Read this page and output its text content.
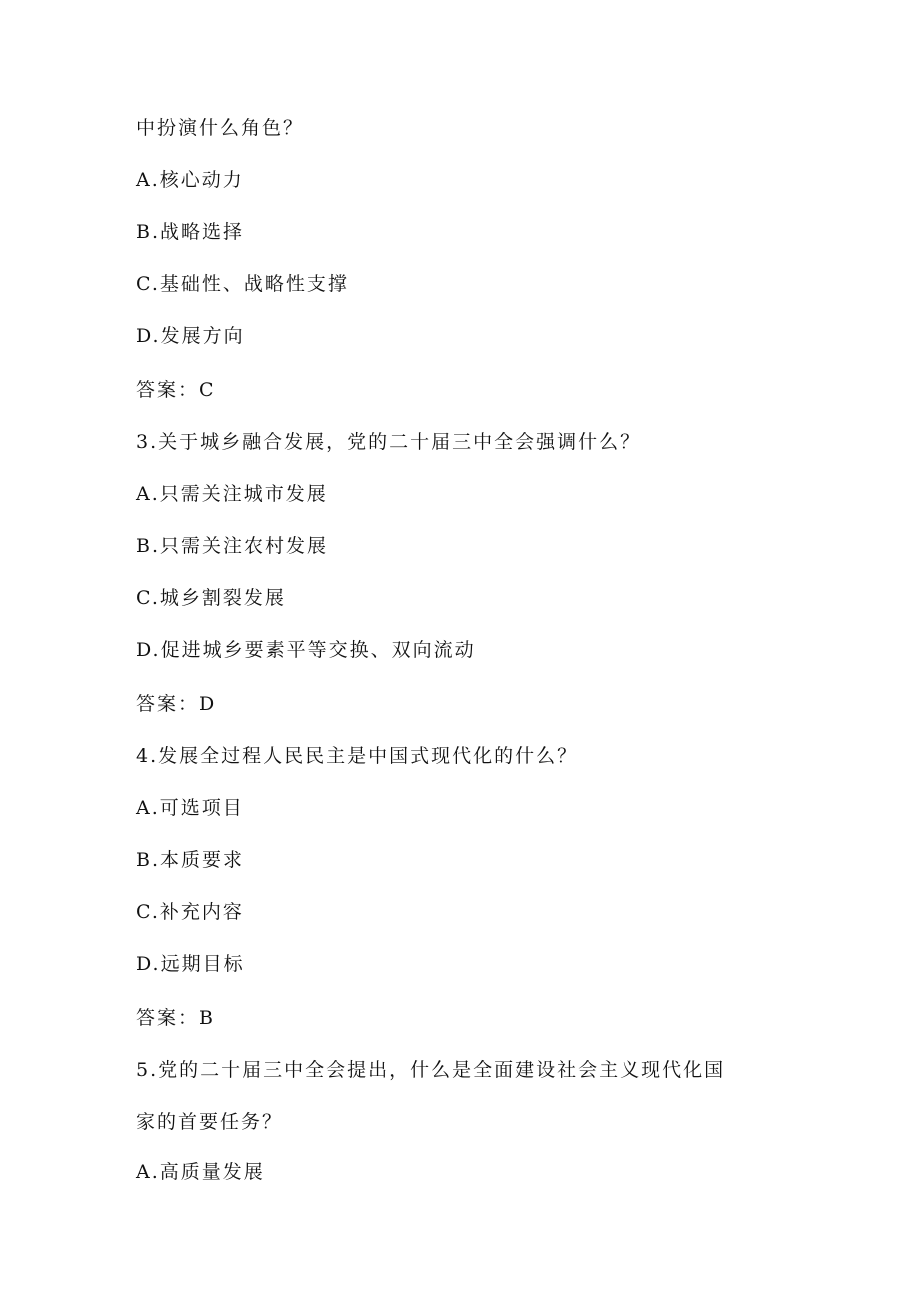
中扮演什么角色？
A.核心动力
B.战略选择
C.基础性、战略性支撑
D.发展方向
答案：C
3.关于城乡融合发展，党的二十届三中全会强调什么？
A.只需关注城市发展
B.只需关注农村发展
C.城乡割裂发展
D.促进城乡要素平等交换、双向流动
答案：D
4.发展全过程人民民主是中国式现代化的什么？
A.可选项目
B.本质要求
C.补充内容
D.远期目标
答案：B
5.党的二十届三中全会提出，什么是全面建设社会主义现代化国
家的首要任务？
A.高质量发展
